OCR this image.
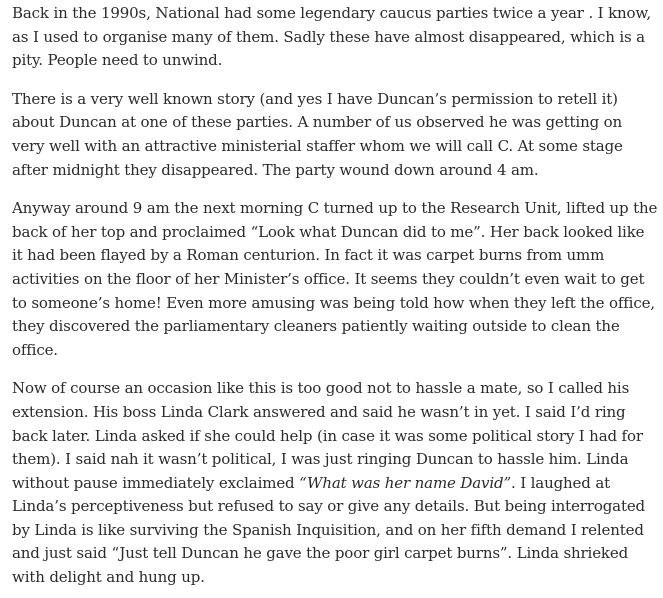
Back in the 1990s, National had some legendary caucus parties twice a year . I know, as I used to organise many of them. Sadly these have almost disappeared, which is a pity. People need to unwind.

There is a very well known story (and yes I have Duncan’s permission to retell it) about Duncan at one of these parties. A number of us observed he was getting on very well with an attractive ministerial staffer whom we will call C. At some stage after midnight they disappeared. The party wound down around 4 am.

Anyway around 9 am the next morning C turned up to the Research Unit, lifted up the back of her top and proclaimed “Look what Duncan did to me”. Her back looked like it had been flayed by a Roman centurion. In fact it was carpet burns from umm activities on the floor of her Minister’s office. It seems they couldn’t even wait to get to someone’s home! Even more amusing was being told how when they left the office, they discovered the parliamentary cleaners patiently waiting outside to clean the office.

Now of course an occasion like this is too good not to hassle a mate, so I called his extension. His boss Linda Clark answered and said he wasn’t in yet. I said I’d ring back later. Linda asked if she could help (in case it was some political story I had for them). I said nah it wasn’t political, I was just ringing Duncan to hassle him. Linda without pause immediately exclaimed “What was her name David”. I laughed at Linda’s perceptiveness but refused to say or give any details. But being interrogated by Linda is like surviving the Spanish Inquisition, and on her fifth demand I relented and just said “Just tell Duncan he gave the poor girl carpet burns”. Linda shrieked with delight and hung up.
